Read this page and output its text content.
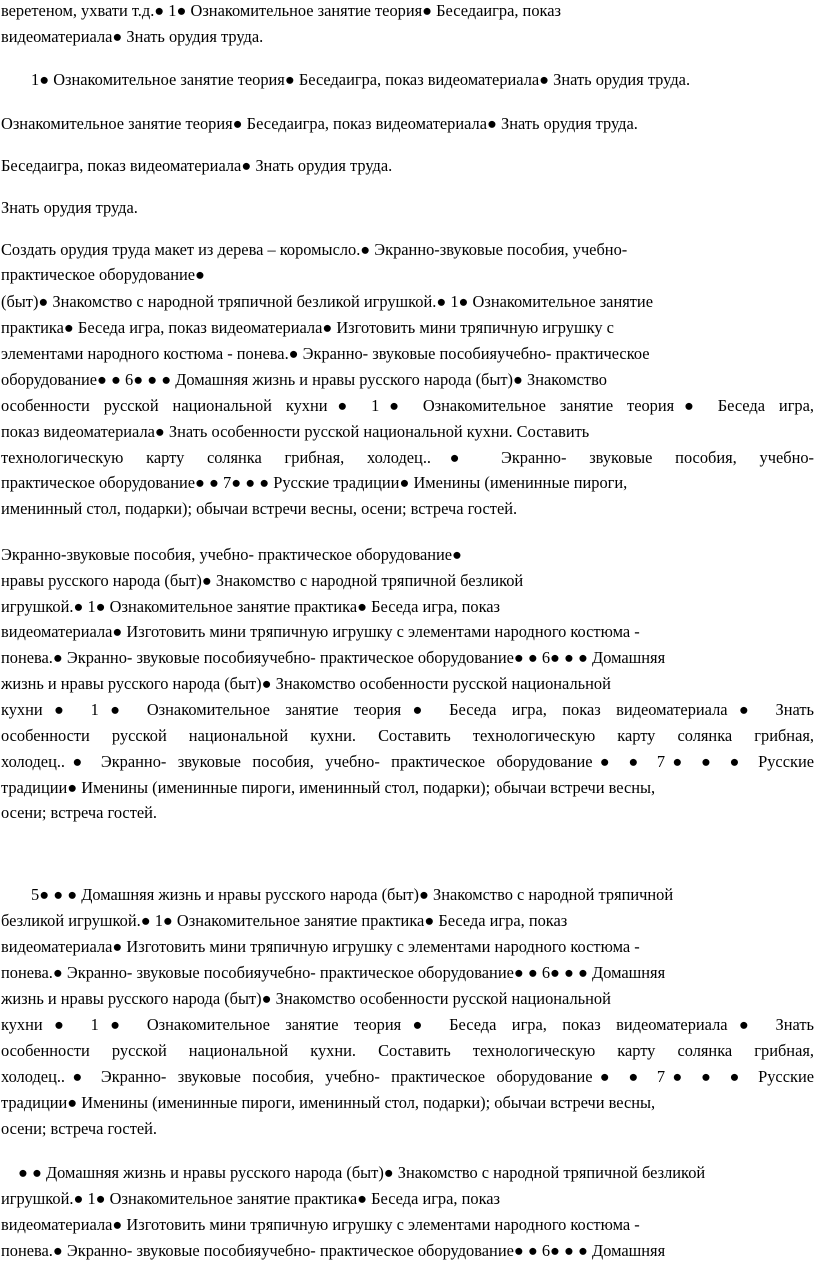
веретеном, ухвати т.д.● 1● Ознакомительное занятие теория● Беседаигра, показ
видеоматериала● Знать орудия труда.
1● Ознакомительное занятие теория● Беседаигра, показ видеоматериала● Знать орудия труда.
Ознакомительное занятие теория● Беседаигра, показ видеоматериала● Знать орудия труда.
Беседаигра, показ видеоматериала● Знать орудия труда.
Знать орудия труда.
Создать орудия труда макет из дерева – коромысло.● Экранно-звуковые пособия, учебно-
практическое оборудование●
(быт)● Знакомство с народной тряпичной безликой игрушкой.● 1● Ознакомительное занятие
практика● Беседа игра, показ видеоматериала● Изготовить мини тряпичную игрушку с
элементами народного костюма - понева.● Экранно- звуковые пособияучебно- практическое
оборудование● ● 6● ● ● Домашняя жизнь и нравы русского народа (быт)● Знакомство
особенности русской национальной кухни● 1● Ознакомительное занятие теория● Беседа игра,
показ видеоматериала● Знать особенности русской национальной кухни. Составить
технологическую карту солянка грибная, холодец..● Экранно- звуковые пособия, учебно-
практическое оборудование● ● 7● ● ● Русские традиции● Именины (именинные пироги,
именинный стол, подарки); обычаи встречи весны, осени; встреча гостей.
Экранно-звуковые пособия, учебно- практическое оборудование●
нравы русского народа (быт)● Знакомство с народной тряпичной безликой
игрушкой.● 1● Ознакомительное занятие практика● Беседа игра, показ
видеоматериала● Изготовить мини тряпичную игрушку с элементами народного костюма -
понева.● Экранно- звуковые пособияучебно- практическое оборудование● ● 6● ● ● Домашняя
жизнь и нравы русского народа (быт)● Знакомство особенности русской национальной
кухни● 1● Ознакомительное занятие теория● Беседа игра, показ видеоматериала● Знать
особенности русской национальной кухни. Составить технологическую карту солянка грибная,
холодец..● Экранно- звуковые пособия, учебно- практическое оборудование● ● 7● ● ● Русские
традиции● Именины (именинные пироги, именинный стол, подарки); обычаи встречи весны,
осени; встреча гостей.
5● ● ● Домашняя жизнь и нравы русского народа (быт)● Знакомство с народной тряпичной
безликой игрушкой.● 1● Ознакомительное занятие практика● Беседа игра, показ
видеоматериала● Изготовить мини тряпичную игрушку с элементами народного костюма -
понева.● Экранно- звуковые пособияучебно- практическое оборудование● ● 6● ● ● Домашняя
жизнь и нравы русского народа (быт)● Знакомство особенности русской национальной
кухни● 1● Ознакомительное занятие теория● Беседа игра, показ видеоматериала● Знать
особенности русской национальной кухни. Составить технологическую карту солянка грибная,
холодец..● Экранно- звуковые пособия, учебно- практическое оборудование● ● 7● ● ● Русские
традиции● Именины (именинные пироги, именинный стол, подарки); обычаи встречи весны,
осени; встреча гостей.
● ● Домашняя жизнь и нравы русского народа (быт)● Знакомство с народной тряпичной безликой
игрушкой.● 1● Ознакомительное занятие практика● Беседа игра, показ
видеоматериала● Изготовить мини тряпичную игрушку с элементами народного костюма -
понева.● Экранно- звуковые пособияучебно- практическое оборудование● ● 6● ● ● Домашняя
